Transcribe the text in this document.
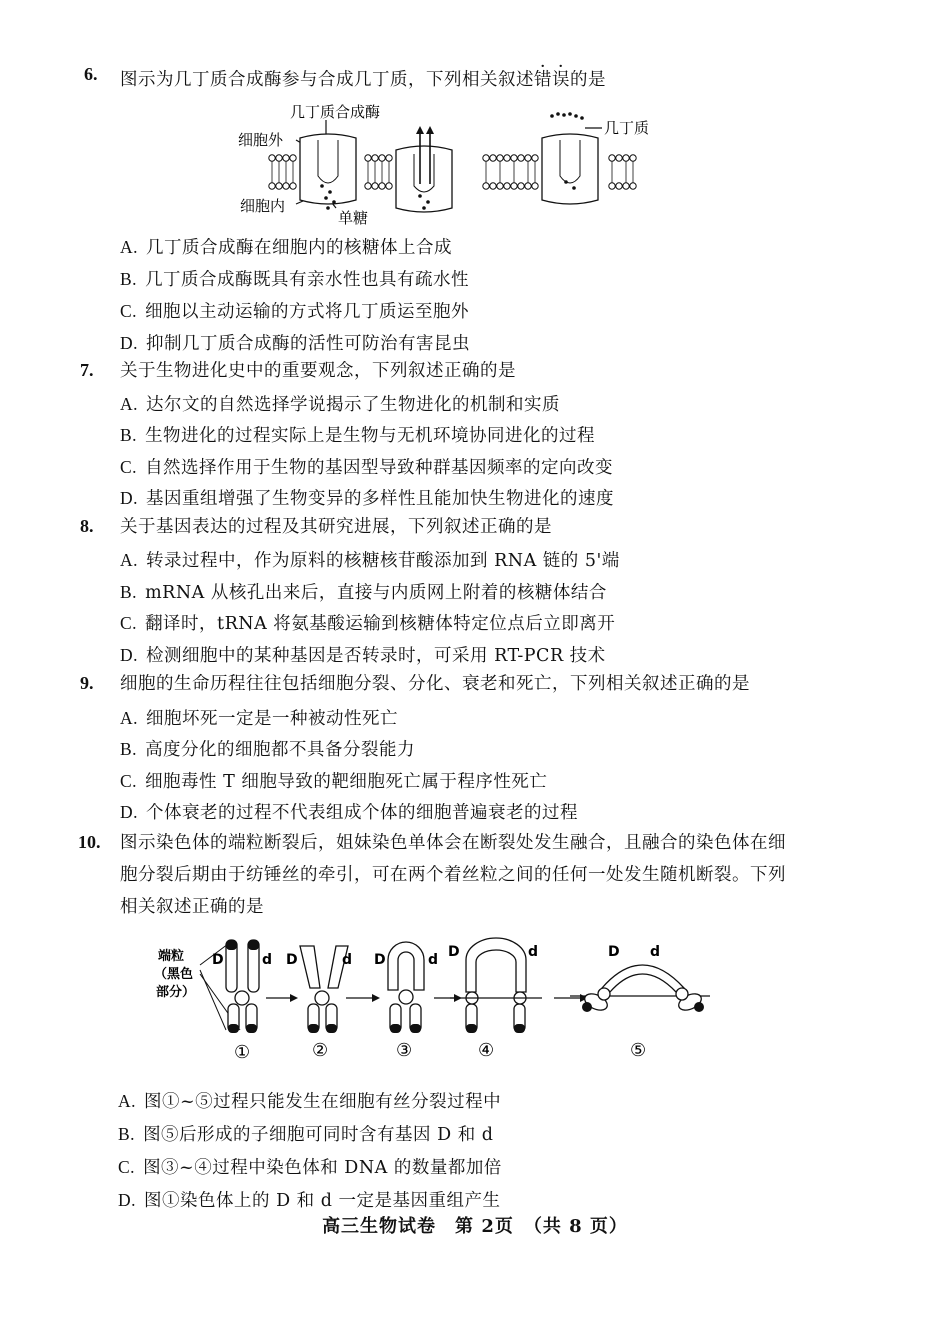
6. 图示为几丁质合成酶参与合成几丁质，下列相关叙述错误的是
几丁质合成酶
细胞外
细胞内
单糖
几丁质
A. 几丁质合成酶在细胞内的核糖体上合成
B. 几丁质合成酶既具有亲水性也具有疏水性
C. 细胞以主动运输的方式将几丁质运至胞外
D. 抑制几丁质合成酶的活性可防治有害昆虫
7. 关于生物进化史中的重要观念，下列叙述正确的是
A. 达尔文的自然选择学说揭示了生物进化的机制和实质
B. 生物进化的过程实际上是生物与无机环境协同进化的过程
C. 自然选择作用于生物的基因型导致种群基因频率的定向改变
D. 基因重组增强了生物变异的多样性且能加快生物进化的速度
8. 关于基因表达的过程及其研究进展，下列叙述正确的是
A. 转录过程中，作为原料的核糖核苷酸添加到 RNA 链的 5'端
B. mRNA 从核孔出来后，直接与内质网上附着的核糖体结合
C. 翻译时，tRNA 将氨基酸运输到核糖体特定位点后立即离开
D. 检测细胞中的某种基因是否转录时，可采用 RT-PCR 技术
9. 细胞的生命历程往往包括细胞分裂、分化、衰老和死亡，下列相关叙述正确的是
A. 细胞坏死一定是一种被动性死亡
B. 高度分化的细胞都不具备分裂能力
C. 细胞毒性 T 细胞导致的靶细胞死亡属于程序性死亡
D. 个体衰老的过程不代表组成个体的细胞普遍衰老的过程
10. 图示染色体的端粒断裂后，姐妹染色单体会在断裂处发生融合，且融合的染色体在细
胞分裂后期由于纺锤丝的牵引，可在两个着丝粒之间的任何一处发生随机断裂。下列
相关叙述正确的是
端粒
（黑色
部分）
D	d D	d D	d D	d	D d
①	②	③	④	⑤
A. 图①~⑤过程只能发生在细胞有丝分裂过程中
B. 图⑤后形成的子细胞可同时含有基因 D 和 d
C. 图③~④过程中染色体和 DNA 的数量都加倍
D. 图①染色体上的 D 和 d 一定是基因重组产生
高三生物试卷　第 2页　（共 8 页）
